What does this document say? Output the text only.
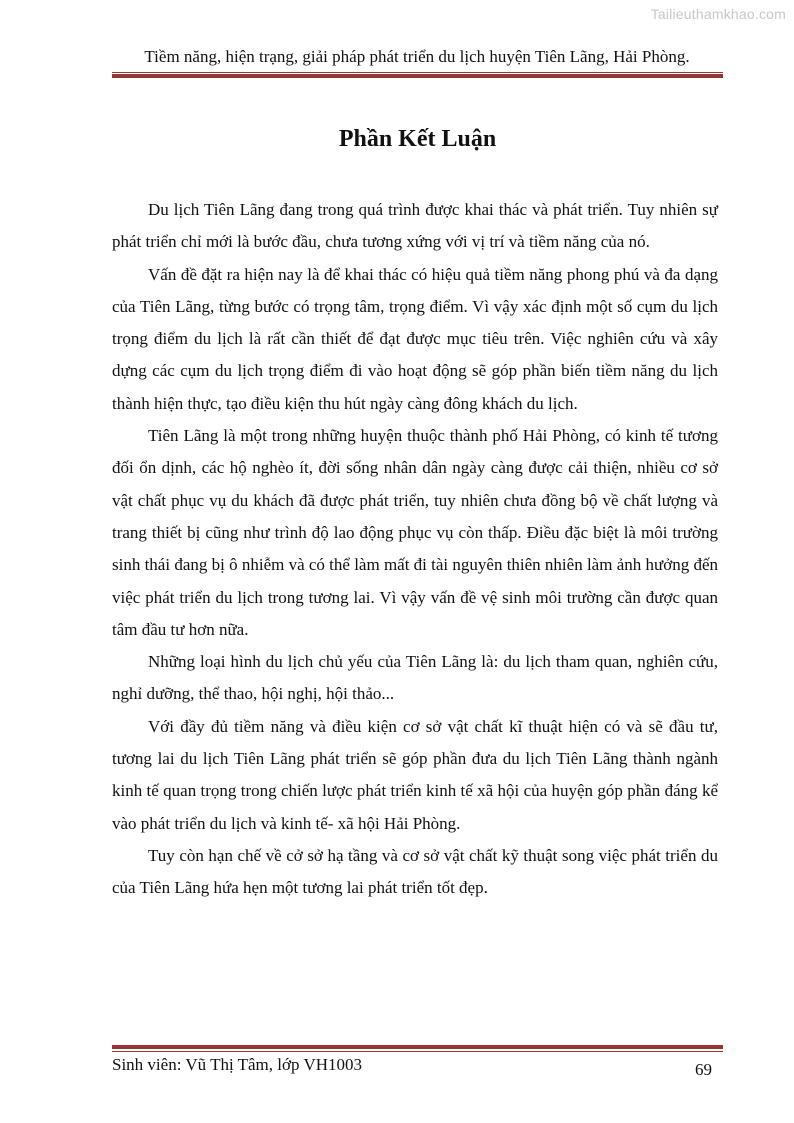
Tailieuthamkhao.com
Tiềm năng, hiện trạng, giải pháp phát triển du lịch huyện Tiên Lãng, Hải Phòng.
Phần Kết Luận

Du lịch Tiên Lãng đang trong quá trình được khai thác và phát triển. Tuy nhiên sự phát triển chỉ mới là bước đầu, chưa tương xứng với vị trí và tiềm năng của nó.

Vấn đề đặt ra hiện nay là để khai thác có hiệu quả tiềm năng phong phú và đa dạng của Tiên Lãng, từng bước có trọng tâm, trọng điểm. Vì vậy xác định một số cụm du lịch trọng điểm du lịch là rất cần thiết để đạt được mục tiêu trên. Việc nghiên cứu và xây dựng các cụm du lịch trọng điểm đi vào hoạt động sẽ góp phần biến tiềm năng du lịch thành hiện thực, tạo điều kiện thu hút ngày càng đông khách du lịch.

Tiên Lãng là một trong những huyện thuộc thành phố Hải Phòng, có kinh tế tương đối ổn dịnh, các hộ nghèo ít, đời sống nhân dân ngày càng được cải thiện, nhiều cơ sở vật chất phục vụ du khách đã được phát triển, tuy nhiên chưa đồng bộ về chất lượng và trang thiết bị cũng như trình độ lao động phục vụ còn thấp. Điều đặc biệt là môi trường sinh thái đang bị ô nhiễm và có thể làm mất đi tài nguyên thiên nhiên làm ảnh hưởng đến việc phát triển du lịch trong tương lai. Vì vậy vấn đề vệ sinh môi trường cần được quan tâm đầu tư hơn nữa.

Những loại hình du lịch chủ yếu của Tiên Lãng là: du lịch tham quan, nghiên cứu, nghỉ dưỡng, thể thao, hội nghị, hội thảo...

Với đầy đủ tiềm năng và điều kiện cơ sở vật chất kĩ thuật hiện có và sẽ đầu tư, tương lai du lịch Tiên Lãng phát triển sẽ góp phần đưa du lịch Tiên Lãng thành ngành kinh tế quan trọng trong chiến lược phát triển kinh tế xã hội của huyện góp phần đáng kể vào phát triển du lịch và kinh tế- xã hội Hải Phòng.

Tuy còn hạn chế về cở sở hạ tầng và cơ sở vật chất kỹ thuật song việc phát triển du của Tiên Lãng hứa hẹn một tương lai phát triển tốt đẹp.

Sinh viên: Vũ Thị Tâm, lớp VH1003	69
